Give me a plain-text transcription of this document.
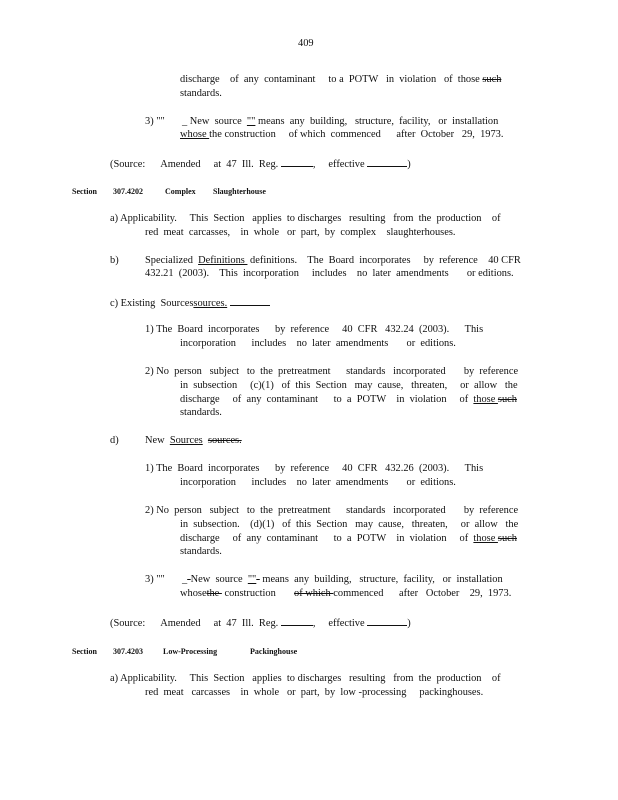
409
discharge    of  any  contaminant     to a  POTW   in  violation   of  those such
standards.
3) "" _ New  source  "" means  any  building,   structure,  facility,   or  installation
whose the construction     of which  commenced      after  October   29,  1973.
(Source:      Amended     at  47  Ill.  Reg.	,     effective	)
Section 307.4202	Complex Slaughterhouse
a) Applicability.     This  Section   applies  to discharges   resulting   from  the  production    of
red  meat  carcasses,    in  whole   or  part,  by  complex    slaughterhouses.
b)	Specialized  Definitions  definitions.    The  Board  incorporates     by  reference    40 CFR
432.21  (2003).    This  incorporation     includes    no  later  amendments       or editions.
c) Existing  Sourcessources.
1) The  Board  incorporates      by  reference     40  CFR   432.24  (2003).      This
incorporation      includes    no  later  amendments       or  editions.
2) No  person   subject   to  the  pretreatment      standards   incorporated       by  reference
in  subsection     (c)(1)   of  this  Section   may  cause,   threaten,     or  allow   the
discharge     of  any  contaminant      to  a  POTW    in  violation     of  those such
standards.
d)	New  Sources sources.
1) The  Board  incorporates      by  reference     40  CFR   432.26  (2003).      This
incorporation      includes    no  later  amendments       or  editions.
2) No  person   subject   to  the  pretreatment      standards   incorporated       by  reference
in  subsection.    (d)(1)   of  this  Section   may  cause,   threaten,     or  allow   the
discharge     of  any  contaminant      to  a  POTW    in  violation     of  those such
standards.
3) "" _-New  source  ""- means  any  building,   structure,  facility,   or  installation
whosethe  construction       of which commenced      after   October    29,  1973.
(Source:      Amended     at  47  Ill.  Reg.	,     effective	)
Section 307.4203	Low-Processing	Packinghouse
a) Applicability.     This  Section   applies  to discharges   resulting   from  the  production    of
red  meat   carcasses    in  whole   or  part,  by  low -processing     packinghouses.
